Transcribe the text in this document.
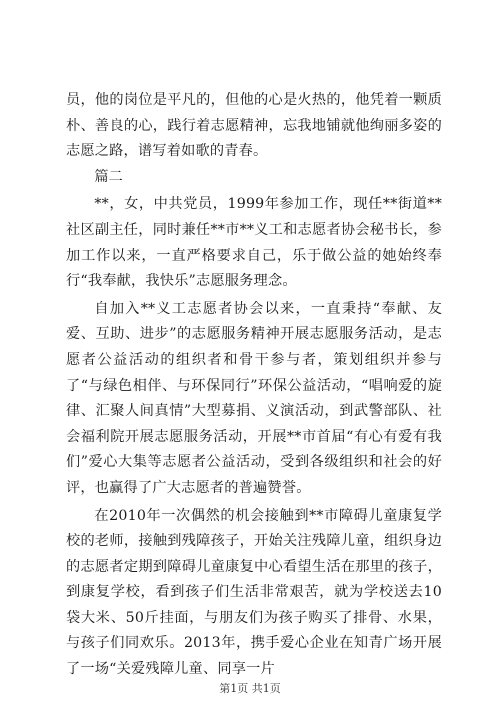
员，他的岗位是平凡的，但他的心是火热的，他凭着一颗质朴、善良的心，践行着志愿精神，忘我地铺就他绚丽多姿的志愿之路，谱写着如歌的青春。

篇二

**，女，中共党员，1999年参加工作，现任**街道**社区副主任，同时兼任**市**义工和志愿者协会秘书长，参加工作以来，一直严格要求自己，乐于做公益的她始终奉行“我奉献，我快乐”志愿服务理念。

自加入**义工志愿者协会以来，一直秉持“奉献、友爱、互助、进步”的志愿服务精神开展志愿服务活动，是志愿者公益活动的组织者和骨干参与者，策划组织并参与了“与绿色相伴、与环保同行”环保公益活动，“唱响爱的旋律、汇聚人间真情”大型募捐、义演活动，到武警部队、社会福利院开展志愿服务活动，开展**市首届“有心有爱有我们”爱心大集等志愿者公益活动，受到各级组织和社会的好评，也赢得了广大志愿者的普遍赞誉。

在2010年一次偶然的机会接触到**市障碍儿童康复学校的老师，接触到残障孩子，开始关注残障儿童，组织身边的志愿者定期到障碍儿童康复中心看望生活在那里的孩子，到康复学校，看到孩子们生活非常艰苦，就为学校送去10袋大米、50斤挂面，与朋友们为孩子购买了排骨、水果，与孩子们同欢乐。2013年，携手爱心企业在知青广场开展了一场“关爱残障儿童、同享一片

第1页 共1页
